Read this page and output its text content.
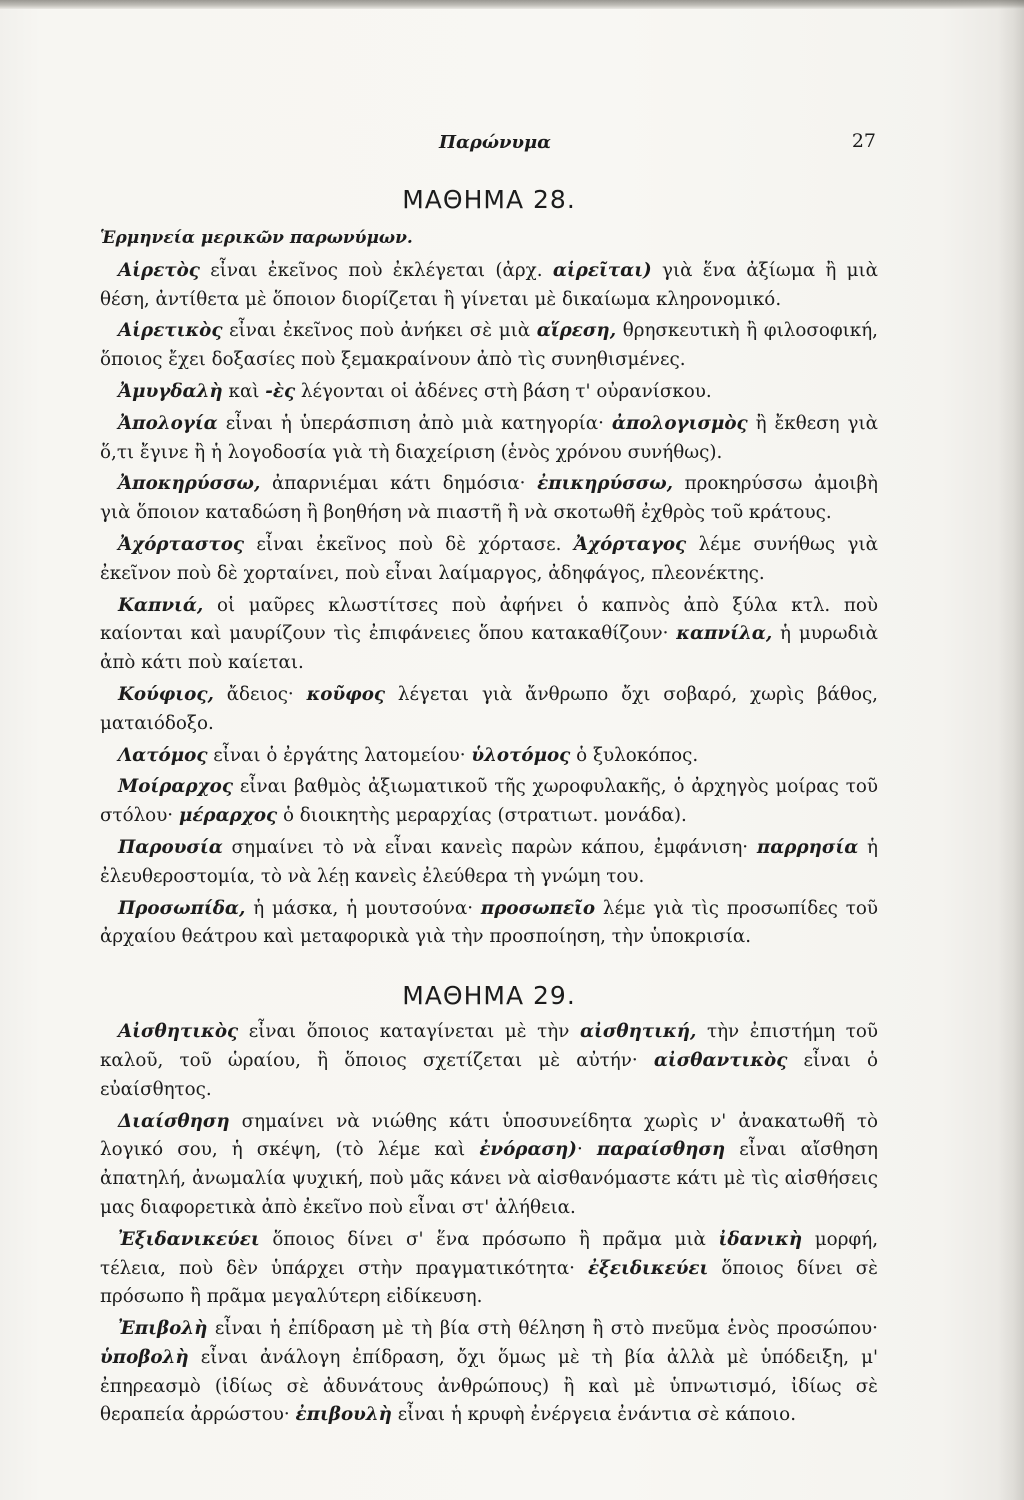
Παρώνυμα	27
ΜΑΘΗΜΑ 28.
Ἑρμηνεία μερικῶν παρωνύμων.

Αἱρετὸς εἶναι ἐκεῖνος ποὺ ἐκλέγεται (ἀρχ. αἱρεῖται) γιὰ ἕνα ἀξίωμα ἢ μιὰ θέση, ἀντίθετα μὲ ὅποιον διορίζεται ἢ γίνεται μὲ δικαίωμα κληρονομικό.

Αἱρετικὸς εἶναι ἐκεῖνος ποὺ ἀνήκει σὲ μιὰ αἵρεση, θρησκευτικὴ ἢ φιλοσοφική, ὅποιος ἔχει δοξασίες ποὺ ξεμακραίνουν ἀπὸ τὶς συνηθισμένες.

Ἀμυγδαλὴ καὶ -ὲς λέγονται οἱ ἀδένες στὴ βάση τ' οὐρανίσκου.

Ἀπολογία εἶναι ἡ ὑπεράσπιση ἀπὸ μιὰ κατηγορία· ἀπολογισμὸς ἢ ἔκθεση γιὰ ὅ,τι ἔγινε ἢ ἡ λογοδοσία γιὰ τὴ διαχείριση (ἑνὸς χρόνου συνήθως).

Ἀποκηρύσσω, ἀπαρνιέμαι κάτι δημόσια· ἐπικηρύσσω, προκηρύσσω ἀμοιβὴ γιὰ ὅποιον καταδώση ἢ βοηθήση νὰ πιαστῆ ἢ νὰ σκοτωθῆ ἐχθρὸς τοῦ κράτους.

Ἀχόρταστος εἶναι ἐκεῖνος ποὺ δὲ χόρτασε. Ἀχόρταγος λέμε συνήθως γιὰ ἐκεῖνον ποὺ δὲ χορταίνει, ποὺ εἶναι λαίμαργος, ἀδηφάγος, πλεονέκτης.

Καπνιά, οἱ μαῦρες κλωστίτσες ποὺ ἀφήνει ὁ καπνὸς ἀπὸ ξύλα κτλ. ποὺ καίονται καὶ μαυρίζουν τὶς ἐπιφάνειες ὅπου κατακαθίζουν· καπνίλα, ἡ μυρωδιὰ ἀπὸ κάτι ποὺ καίεται.

Κούφιος, ἄδειος· κοῦφος λέγεται γιὰ ἄνθρωπο ὄχι σοβαρό, χωρὶς βάθος, ματαιόδοξο.

Λατόμος εἶναι ὁ ἐργάτης λατομείου· ὑλοτόμος ὁ ξυλοκόπος.

Μοίραρχος εἶναι βαθμὸς ἀξιωματικοῦ τῆς χωροφυλακῆς, ὁ ἀρχηγὸς μοίρας τοῦ στόλου· μέραρχος ὁ διοικητὴς μεραρχίας (στρατιωτ. μονάδα).

Παρουσία σημαίνει τὸ νὰ εἶναι κανεὶς παρὼν κάπου, ἐμφάνιση· παρρησία ἡ ἐλευθεροστομία, τὸ νὰ λέῃ κανεὶς ἐλεύθερα τὴ γνώμη του.

Προσωπίδα, ἡ μάσκα, ἡ μουτσούνα· προσωπεῖο λέμε γιὰ τὶς προσωπίδες τοῦ ἀρχαίου θεάτρου καὶ μεταφορικὰ γιὰ τὴν προσποίηση, τὴν ὑποκρισία.

ΜΑΘΗΜΑ 29.

Αἰσθητικὸς εἶναι ὅποιος καταγίνεται μὲ τὴν αἰσθητική, τὴν ἐπιστήμη τοῦ καλοῦ, τοῦ ὡραίου, ἢ ὅποιος σχετίζεται μὲ αὐτήν· αἰσθαντικὸς εἶναι ὁ εὐαίσθητος.

Διαίσθηση σημαίνει νὰ νιώθης κάτι ὑποσυνείδητα χωρὶς ν' ἀνακατωθῆ τὸ λογικό σου, ἡ σκέψη, (τὸ λέμε καὶ ἐνόραση)· παραίσθηση εἶναι αἴσθηση ἀπατηλή, ἀνωμαλία ψυχική, ποὺ μᾶς κάνει νὰ αἰσθανόμαστε κάτι μὲ τὶς αἰσθήσεις μας διαφορετικὰ ἀπὸ ἐκεῖνο ποὺ εἶναι στ' ἀλήθεια.

Ἐξιδανικεύει ὅποιος δίνει σ' ἕνα πρόσωπο ἢ πρᾶμα μιὰ ἰδανικὴ μορφή, τέλεια, ποὺ δὲν ὑπάρχει στὴν πραγματικότητα· ἐξειδικεύει ὅποιος δίνει σὲ πρόσωπο ἢ πρᾶμα μεγαλύτερη εἰδίκευση.

Ἐπιβολὴ εἶναι ἡ ἐπίδραση μὲ τὴ βία στὴ θέληση ἢ στὸ πνεῦμα ἑνὸς προσώπου· ὑποβολὴ εἶναι ἀνάλογη ἐπίδραση, ὄχι ὅμως μὲ τὴ βία ἀλλὰ μὲ ὑπόδειξη, μ' ἐπηρεασμὸ (ἰδίως σὲ ἀδυνάτους ἀνθρώπους) ἢ καὶ μὲ ὑπνωτισμό, ἰδίως σὲ θεραπεία ἀρρώστου· ἐπιβουλὴ εἶναι ἡ κρυφὴ ἐνέργεια ἐνάντια σὲ κάποιο.
